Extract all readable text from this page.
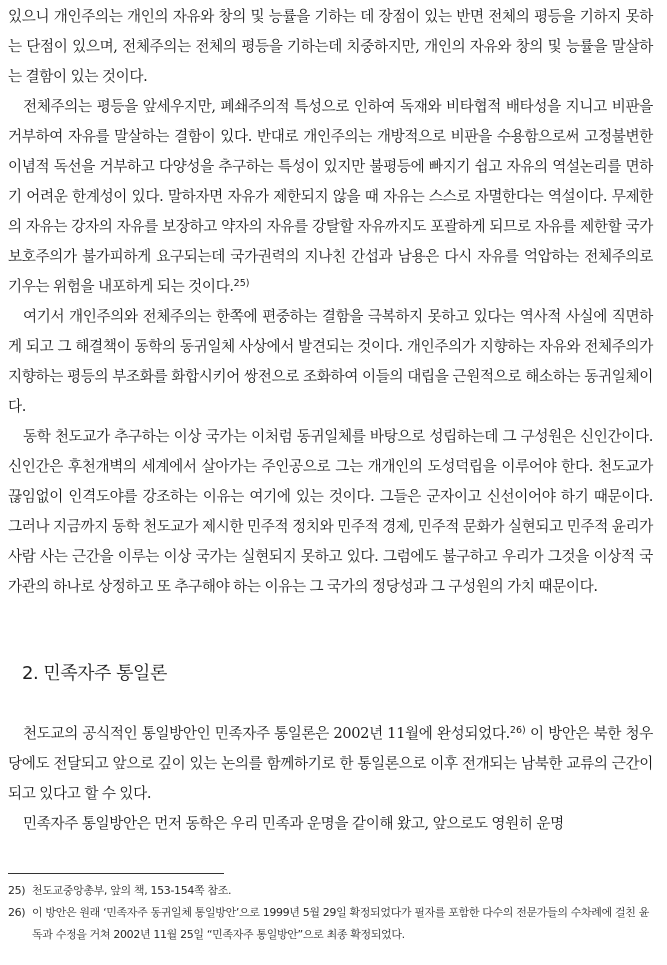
있으니 개인주의는 개인의 자유와 창의 및 능률을 기하는 데 장점이 있는 반면 전체의 평등을 기하지 못하는 단점이 있으며, 전체주의는 전체의 평등을 기하는데 치중하지만, 개인의 자유와 창의 및 능률을 말살하는 결함이 있는 것이다.

전체주의는 평등을 앞세우지만, 폐쇄주의적 특성으로 인하여 독재와 비타협적 배타성을 지니고 비판을 거부하여 자유를 말살하는 결함이 있다. 반대로 개인주의는 개방적으로 비판을 수용함으로써 고정불변한 이념적 독선을 거부하고 다양성을 추구하는 특성이 있지만 불평등에 빠지기 쉽고 자유의 역설논리를 면하기 어려운 한계성이 있다. 말하자면 자유가 제한되지 않을 때 자유는 스스로 자멸한다는 역설이다. 무제한의 자유는 강자의 자유를 보장하고 약자의 자유를 강탈할 자유까지도 포괄하게 되므로 자유를 제한할 국가보호주의가 불가피하게 요구되는데 국가권력의 지나친 간섭과 남용은 다시 자유를 억압하는 전체주의로 기우는 위험을 내포하게 되는 것이다.$^{25)}$

여기서 개인주의와 전체주의는 한쪽에 편중하는 결함을 극복하지 못하고 있다는 역사적 사실에 직면하게 되고 그 해결책이 동학의 동귀일체 사상에서 발견되는 것이다. 개인주의가 지향하는 자유와 전체주의가 지향하는 평등의 부조화를 화합시키어 쌍전으로 조화하여 이들의 대립을 근원적으로 해소하는 동귀일체이다.

동학 천도교가 추구하는 이상 국가는 이처럼 동귀일체를 바탕으로 성립하는데 그 구성원은 신인간이다. 신인간은 후천개벽의 세계에서 살아가는 주인공으로 그는 개개인의 도성덕립을 이루어야 한다. 천도교가 끊임없이 인격도야를 강조하는 이유는 여기에 있는 것이다. 그들은 군자이고 신선이어야 하기 때문이다. 그러나 지금까지 동학 천도교가 제시한 민주적 정치와 민주적 경제, 민주적 문화가 실현되고 민주적 윤리가 사람 사는 근간을 이루는 이상 국가는 실현되지 못하고 있다. 그럼에도 불구하고 우리가 그것을 이상적 국가관의 하나로 상정하고 또 추구해야 하는 이유는 그 국가의 정당성과 그 구성원의 가치 때문이다.

2. 민족자주 통일론

천도교의 공식적인 통일방안인 민족자주 통일론은 2002년 11월에 완성되었다.$^{26)}$ 이 방안은 북한 청우당에도 전달되고 앞으로 깊이 있는 논의를 함께하기로 한 통일론으로 이후 전개되는 남북한 교류의 근간이 되고 있다고 할 수 있다.

민족자주 통일방안은 먼저 동학은 우리 민족과 운명을 같이해 왔고, 앞으로도 영원히 운명

25) 천도교중앙총부, 앞의 책, 153-154쪽 참조.
26) 이 방안은 원래 ‘민족자주 동귀일체 통일방안’으로 1999년 5월 29일 확정되었다가 필자를 포함한 다수의 전문가들의 수차례에 걸친 윤독과 수정을 거쳐 2002년 11월 25일 “민족자주 통일방안”으로 최종 확정되었다.
